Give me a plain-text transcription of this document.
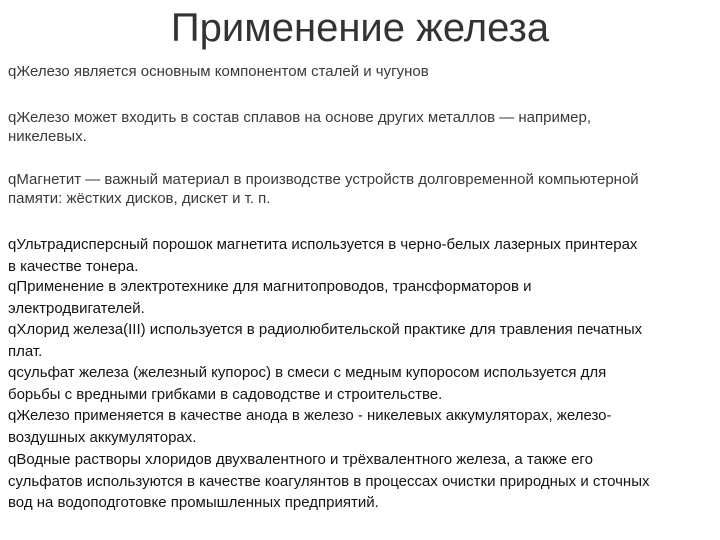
Применение железа
qЖелезо является основным компонентом сталей и чугунов
qЖелезо может входить в состав сплавов на основе других металлов — например,
никелевых.
qМагнетит — важный материал в производстве устройств долговременной компьютерной
памяти: жёстких дисков, дискет и т. п.
qУльтрадисперсный порошок магнетита используется в черно-белых лазерных принтерах
в качестве тонера.
qПрименение в электротехнике для магнитопроводов, трансформаторов и
электродвигателей.
qХлорид железа(III) используется в радиолюбительской практике для травления печатных
плат.
qсульфат железа (железный купорос) в смеси с медным купоросом используется для
борьбы с вредными грибками в садоводстве и строительстве.
qЖелезо применяется в качестве анода в железо - никелевых аккумуляторах, железо-
воздушных аккумуляторах.
qВодные растворы хлоридов двухвалентного и трёхвалентного железа, а также его
сульфатов используются в качестве коагулянтов в процессах очистки природных и сточных
вод на водоподготовке промышленных предприятий.
